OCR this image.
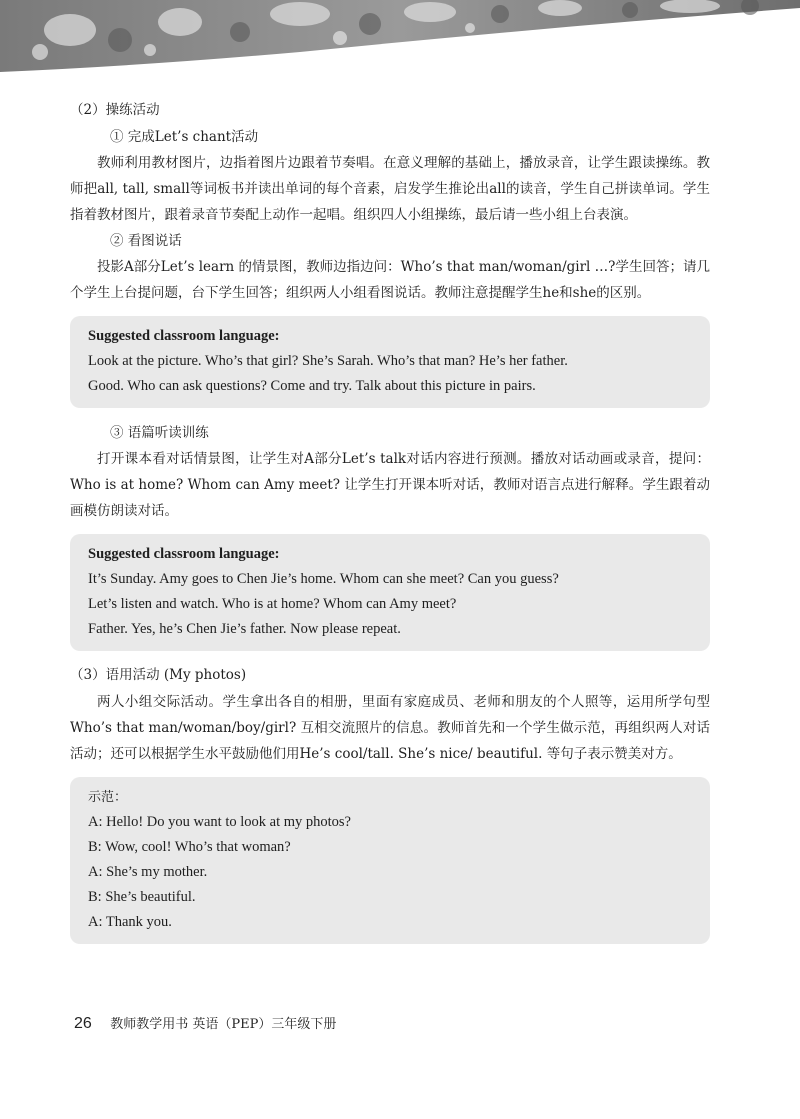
（2）操练活动
① 完成Let’s chant活动

教师利用教材图片，边指着图片边跟着节奏唱。在意义理解的基础上，播放录音，让学生跟读操练。教师把all, tall, small等词板书并读出单词的每个音素，启发学生推论出all的读音，学生自己拼读单词。学生指着教材图片，跟着录音节奏配上动作一起唱。组织四人小组操练，最后请一些小组上台表演。

② 看图说话

投影A部分Let’s learn 的情景图，教师边指边问：Who’s that man/woman/girl …?学生回答；请几个学生上台提问题，台下学生回答；组织两人小组看图说话。教师注意提醒学生he和she的区别。

Suggested classroom language:
Look at the picture. Who’s that girl? She’s Sarah. Who’s that man? He’s her father.
Good. Who can ask questions? Come and try. Talk about this picture in pairs.
③ 语篇听读训练

打开课本看对话情景图，让学生对A部分Let’s talk对话内容进行预测。播放对话动画或录音，提问：Who is at home? Whom can Amy meet? 让学生打开课本听对话，教师对语言点进行解释。学生跟着动画模仿朗读对话。

Suggested classroom language:
It’s Sunday. Amy goes to Chen Jie’s home. Whom can she meet? Can you guess?
Let’s listen and watch. Who is at home? Whom can Amy meet?
Father. Yes, he’s Chen Jie’s father. Now please repeat.
（3）语用活动 (My photos)

两人小组交际活动。学生拿出各自的相册，里面有家庭成员、老师和朋友的个人照等，运用所学句型Who’s that man/woman/boy/girl? 互相交流照片的信息。教师首先和一个学生做示范，再组织两人对话活动；还可以根据学生水平鼓励他们用He’s cool/tall. She’s nice/ beautiful. 等句子表示赞美对方。

示范：
A: Hello! Do you want to look at my photos?
B: Wow, cool! Who’s that woman?
A: She’s my mother.
B: She’s beautiful.
A: Thank you.
26 教师教学用书 英语（PEP）三年级下册
